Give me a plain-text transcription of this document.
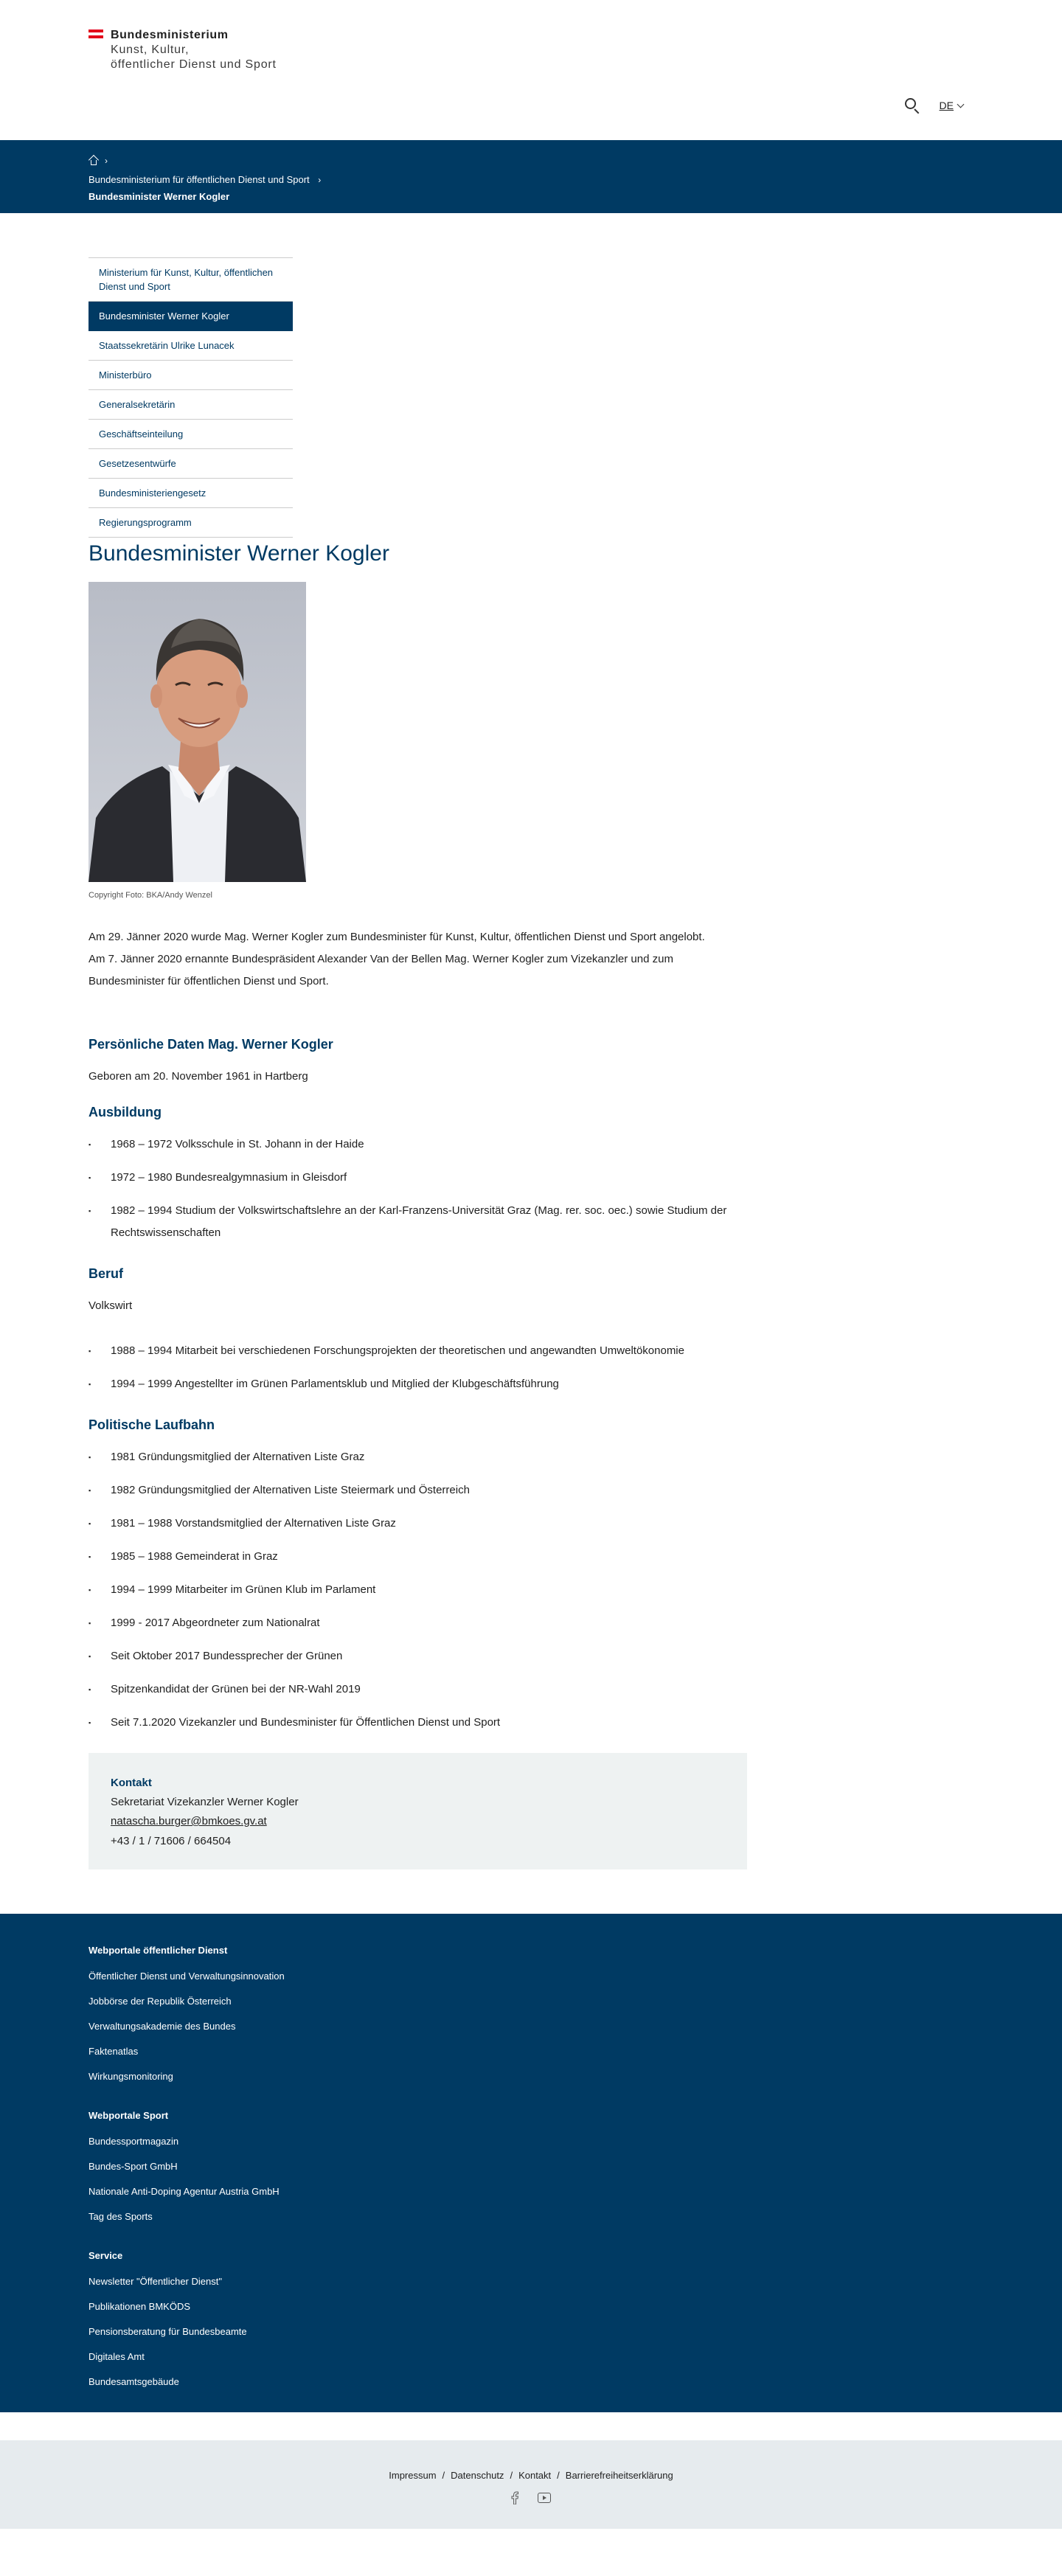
Bundesministerium
Kunst, Kultur,
öffentlicher Dienst und Sport
DE
›
Bundesministerium für öffentlichen Dienst und Sport ›
Bundesminister Werner Kogler
Ministerium für Kunst, Kultur, öffentlichen Dienst und Sport
Bundesminister Werner Kogler
Staatssekretärin Ulrike Lunacek
Ministerbüro
Generalsekretärin
Geschäftseinteilung
Gesetzesentwürfe
Bundesministeriengesetz
Regierungsprogramm
Bundesminister Werner Kogler
Copyright Foto: BKA/Andy Wenzel

Am 29. Jänner 2020 wurde Mag. Werner Kogler zum Bundesminister für Kunst, Kultur, öffentlichen Dienst und Sport angelobt.
Am 7. Jänner 2020 ernannte Bundespräsident Alexander Van der Bellen Mag. Werner Kogler zum Vizekanzler und zum Bundesminister für öffentlichen Dienst und Sport.

Persönliche Daten Mag. Werner Kogler

Geboren am 20. November 1961 in Hartberg

Ausbildung
▪ 1968 – 1972 Volksschule in St. Johann in der Haide
▪ 1972 – 1980 Bundesrealgymnasium in Gleisdorf
▪ 1982 – 1994 Studium der Volkswirtschaftslehre an der Karl-Franzens-Universität Graz (Mag. rer. soc. oec.) sowie Studium der Rechtswissenschaften
Beruf

Volkswirt

▪ 1988 – 1994 Mitarbeit bei verschiedenen Forschungsprojekten der theoretischen und angewandten Umweltökonomie
▪ 1994 – 1999 Angestellter im Grünen Parlamentsklub und Mitglied der Klubgeschäftsführung
Politische Laufbahn
▪ 1981 Gründungsmitglied der Alternativen Liste Graz
▪ 1982 Gründungsmitglied der Alternativen Liste Steiermark und Österreich
▪ 1981 – 1988 Vorstandsmitglied der Alternativen Liste Graz
▪ 1985 – 1988 Gemeinderat in Graz
▪ 1994 – 1999 Mitarbeiter im Grünen Klub im Parlament
▪ 1999 - 2017 Abgeordneter zum Nationalrat
▪ Seit Oktober 2017 Bundessprecher der Grünen
▪ Spitzenkandidat der Grünen bei der NR-Wahl 2019
▪ Seit 7.1.2020 Vizekanzler und Bundesminister für Öffentlichen Dienst und Sport
Kontakt
Sekretariat Vizekanzler Werner Kogler
natascha.burger@bmkoes.gv.at
+43 / 1 / 71606 / 664504
Webportale öffentlicher Dienst
Öffentlicher Dienst und Verwaltungsinnovation
Jobbörse der Republik Österreich
Verwaltungsakademie des Bundes
Faktenatlas
Wirkungsmonitoring
Webportale Sport
Bundessportmagazin
Bundes-Sport GmbH
Nationale Anti-Doping Agentur Austria GmbH
Tag des Sports
Service
Newsletter "Öffentlicher Dienst"
Publikationen BMKÖDS
Pensionsberatung für Bundesbeamte
Digitales Amt
Bundesamtsgebäude
Impressum / Datenschutz / Kontakt / Barrierefreiheitserklärung
